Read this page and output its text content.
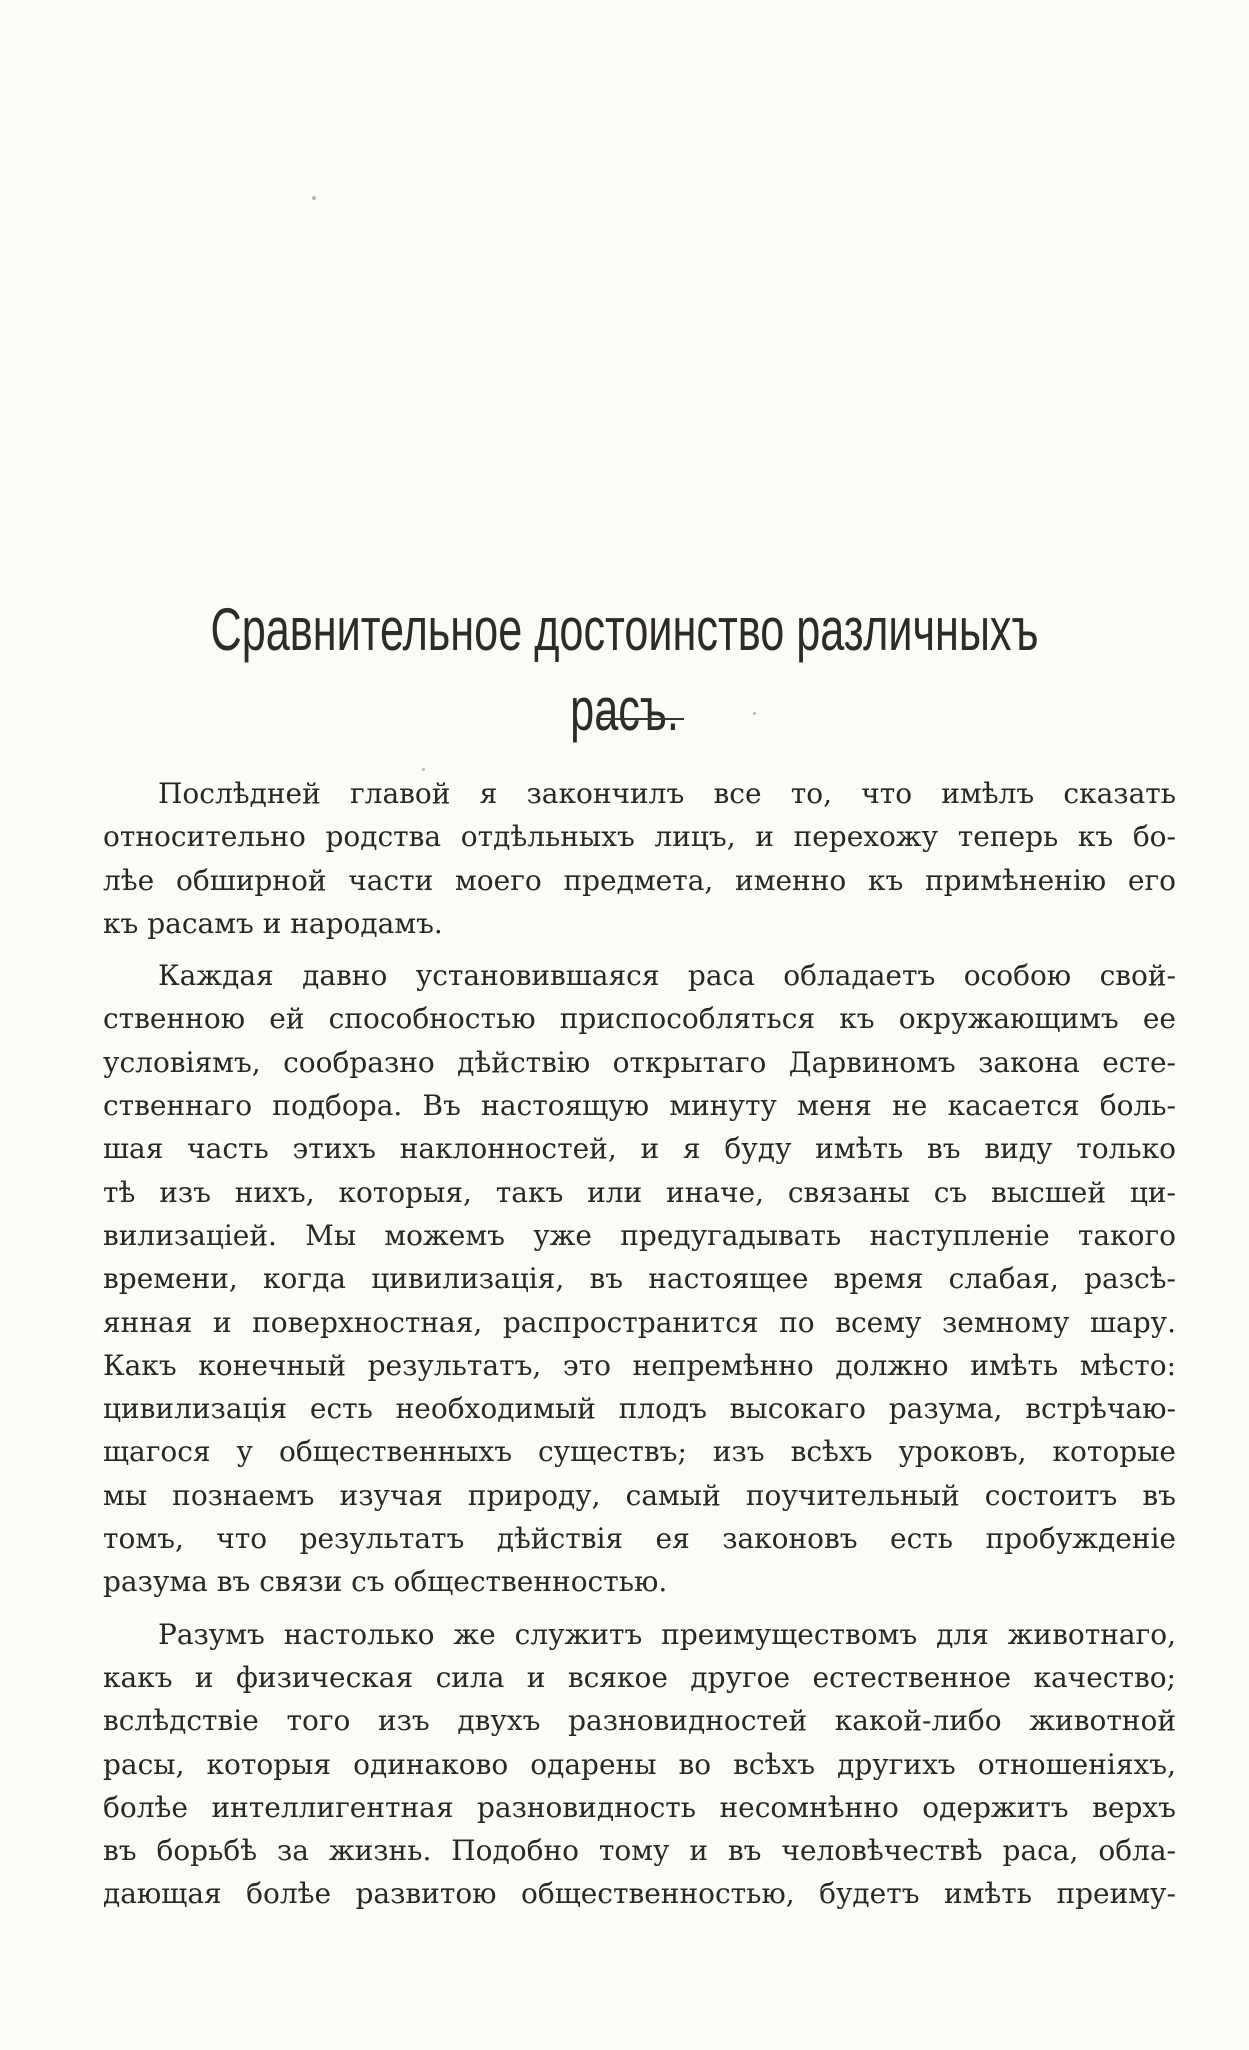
Сравнительное достоинство различныхъ расъ.
Послѣдней главой я закончилъ все то, что имѣлъ сказать
относительно родства отдѣльныхъ лицъ, и перехожу теперь къ бо-
лѣе обширной части моего предмета, именно къ примѣненію его
къ расамъ и народамъ.
Каждая давно установившаяся раса обладаетъ особою свой-
ственною ей способностью приспособляться къ окружающимъ ее
условіямъ, сообразно дѣйствію открытаго Дарвиномъ закона есте-
ственнаго подбора. Въ настоящую минуту меня не касается боль-
шая часть этихъ наклонностей, и я буду имѣть въ виду только
тѣ изъ нихъ, которыя, такъ или иначе, связаны съ высшей ци-
вилизаціей. Мы можемъ уже предугадывать наступленіе такого
времени, когда цивилизація, въ настоящее время слабая, разсѣ-
янная и поверхностная, распространится по всему земному шару.
Какъ конечный результатъ, это непремѣнно должно имѣть мѣсто:
цивилизація есть необходимый плодъ высокаго разума, встрѣчаю-
щагося у общественныхъ существъ; изъ всѣхъ уроковъ, которые
мы познаемъ изучая природу, самый поучительный состоитъ въ
томъ, что результатъ дѣйствія ея законовъ есть пробужденіе
разума въ связи съ общественностью.
Разумъ настолько же служитъ преимуществомъ для животнаго,
какъ и физическая сила и всякое другое естественное качество;
вслѣдствіе того изъ двухъ разновидностей какой-либо животной
расы, которыя одинаково одарены во всѣхъ другихъ отношеніяхъ,
болѣе интеллигентная разновидность несомнѣнно одержитъ верхъ
въ борьбѣ за жизнь. Подобно тому и въ человѣчествѣ раса, обла-
дающая болѣе развитою общественностью, будетъ имѣть преиму-
